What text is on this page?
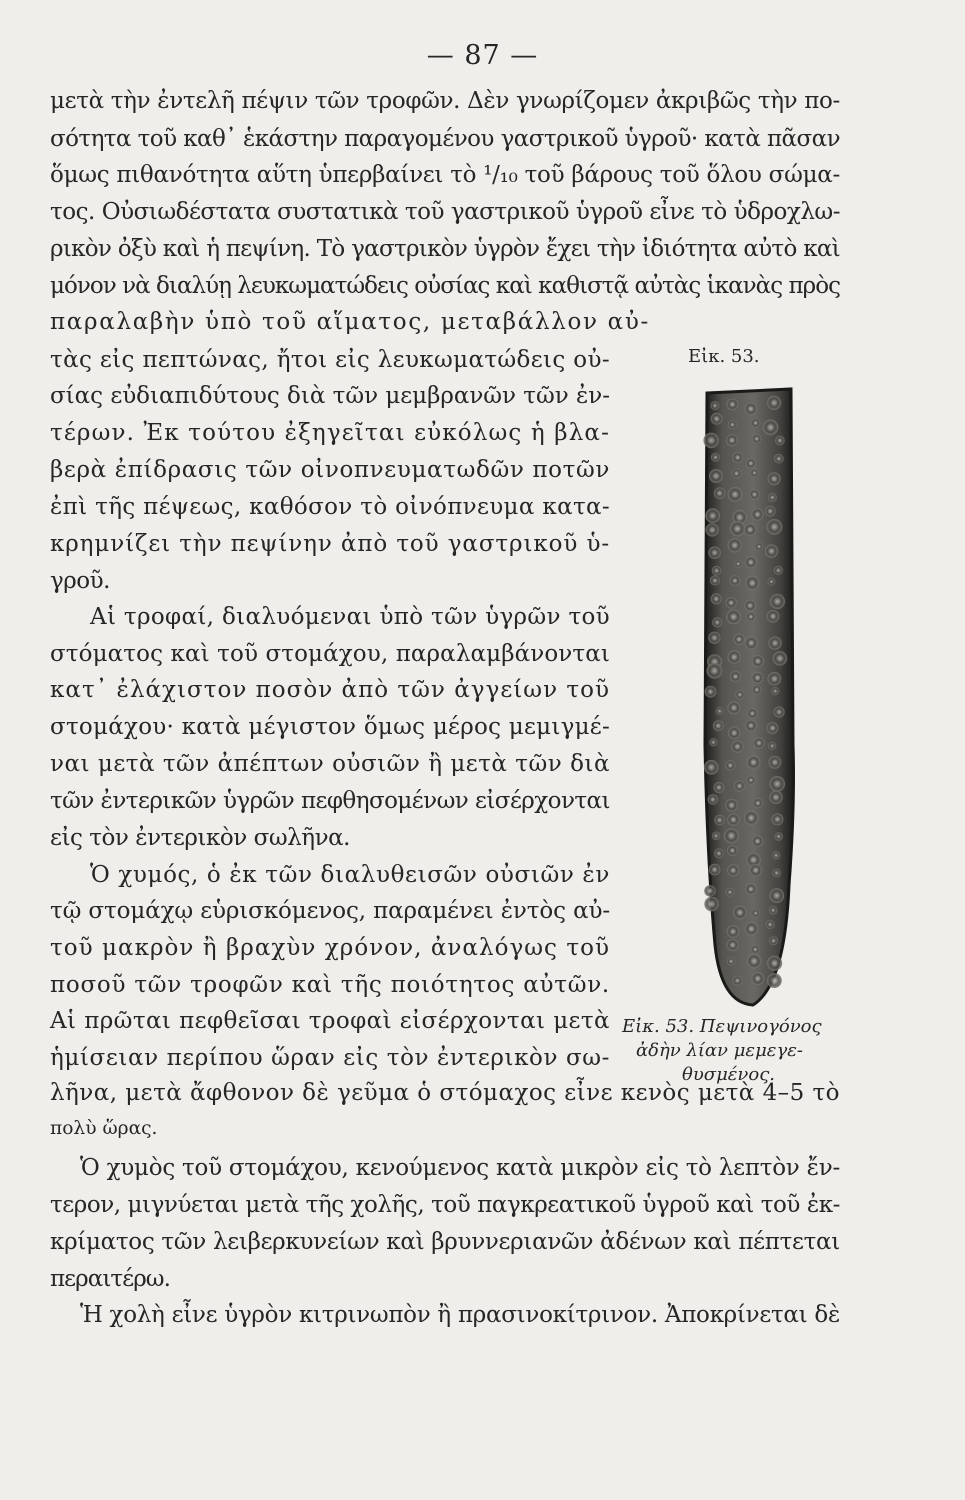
— 87 —
μετὰ τὴν ἐντελῆ πέψιν τῶν τροφῶν. Δὲν γνωρίζομεν ἀκριβῶς τὴν πο-
σότητα τοῦ καθ᾽ ἑκάστην παραγομένου γαστρικοῦ ὑγροῦ· κατὰ πᾶσαν
ὅμως πιθανότητα αὕτη ὑπερβαίνει τὸ ¹/₁₀ τοῦ βάρους τοῦ ὅλου σώμα-
τος. Οὐσιωδέστατα συστατικὰ τοῦ γαστρικοῦ ὑγροῦ εἶνε τὸ ὑδροχλω-
ρικὸν ὀξὺ καὶ ἡ πεψίνη. Τὸ γαστρικὸν ὑγρὸν ἔχει τὴν ἰδιότητα αὐτὸ καὶ
μόνον νὰ διαλύῃ λευκωματώδεις οὐσίας καὶ καθιστᾷ αὐτὰς ἱκανὰς πρὸς
παραλαβὴν ὑπὸ τοῦ αἵματος, μεταβάλλον αὐ-
τὰς εἰς πεπτώνας, ἤτοι εἰς λευκωματώδεις οὐ-
σίας εὐδιαπιδύτους διὰ τῶν μεμβρανῶν τῶν ἐν-
τέρων. Ἐκ τούτου ἐξηγεῖται εὐκόλως ἡ βλα-
βερὰ ἐπίδρασις τῶν οἰνοπνευματωδῶν ποτῶν
ἐπὶ τῆς πέψεως, καθόσον τὸ οἰνόπνευμα κατα-
κρημνίζει τὴν πεψίνην ἀπὸ τοῦ γαστρικοῦ ὑ-
γροῦ.
Αἱ τροφαί, διαλυόμεναι ὑπὸ τῶν ὑγρῶν τοῦ
στόματος καὶ τοῦ στομάχου, παραλαμβάνονται
κατ᾽ ἐλάχιστον ποσὸν ἀπὸ τῶν ἀγγείων τοῦ
στομάχου· κατὰ μέγιστον ὅμως μέρος μεμιγμέ-
ναι μετὰ τῶν ἀπέπτων οὐσιῶν ἢ μετὰ τῶν διὰ
τῶν ἐντερικῶν ὑγρῶν πεφθησομένων εἰσέρχονται
εἰς τὸν ἐντερικὸν σωλῆνα.
Ὁ χυμός, ὁ ἐκ τῶν διαλυθεισῶν οὐσιῶν ἐν
τῷ στομάχῳ εὑρισκόμενος, παραμένει ἐντὸς αὐ-
τοῦ μακρὸν ἢ βραχὺν χρόνον, ἀναλόγως τοῦ
ποσοῦ τῶν τροφῶν καὶ τῆς ποιότητος αὐτῶν.
Αἱ πρῶται πεφθεῖσαι τροφαὶ εἰσέρχονται μετὰ
ἡμίσειαν περίπου ὥραν εἰς τὸν ἐντερικὸν σω-
λῆνα, μετὰ ἄφθονον δὲ γεῦμα ὁ στόμαχος εἶνε κενὸς μετὰ 4–5 τὸ
πολὺ ὥρας.
Ὁ χυμὸς τοῦ στομάχου, κενούμενος κατὰ μικρὸν εἰς τὸ λεπτὸν ἔν-
τερον, μιγνύεται μετὰ τῆς χολῆς, τοῦ παγκρεατικοῦ ὑγροῦ καὶ τοῦ ἐκ-
κρίματος τῶν λειβερκυνείων καὶ βρυννεριανῶν ἀδένων καὶ πέπτεται
περαιτέρω.
Ἡ χολὴ εἶνε ὑγρὸν κιτρινωπὸν ἢ πρασινοκίτρινον. Ἀποκρίνεται δὲ
Εἰκ. 53.
Εἰκ. 53. Πεψινογόνος
ἀδὴν λίαν μεμεγε-
θυσμένος.
